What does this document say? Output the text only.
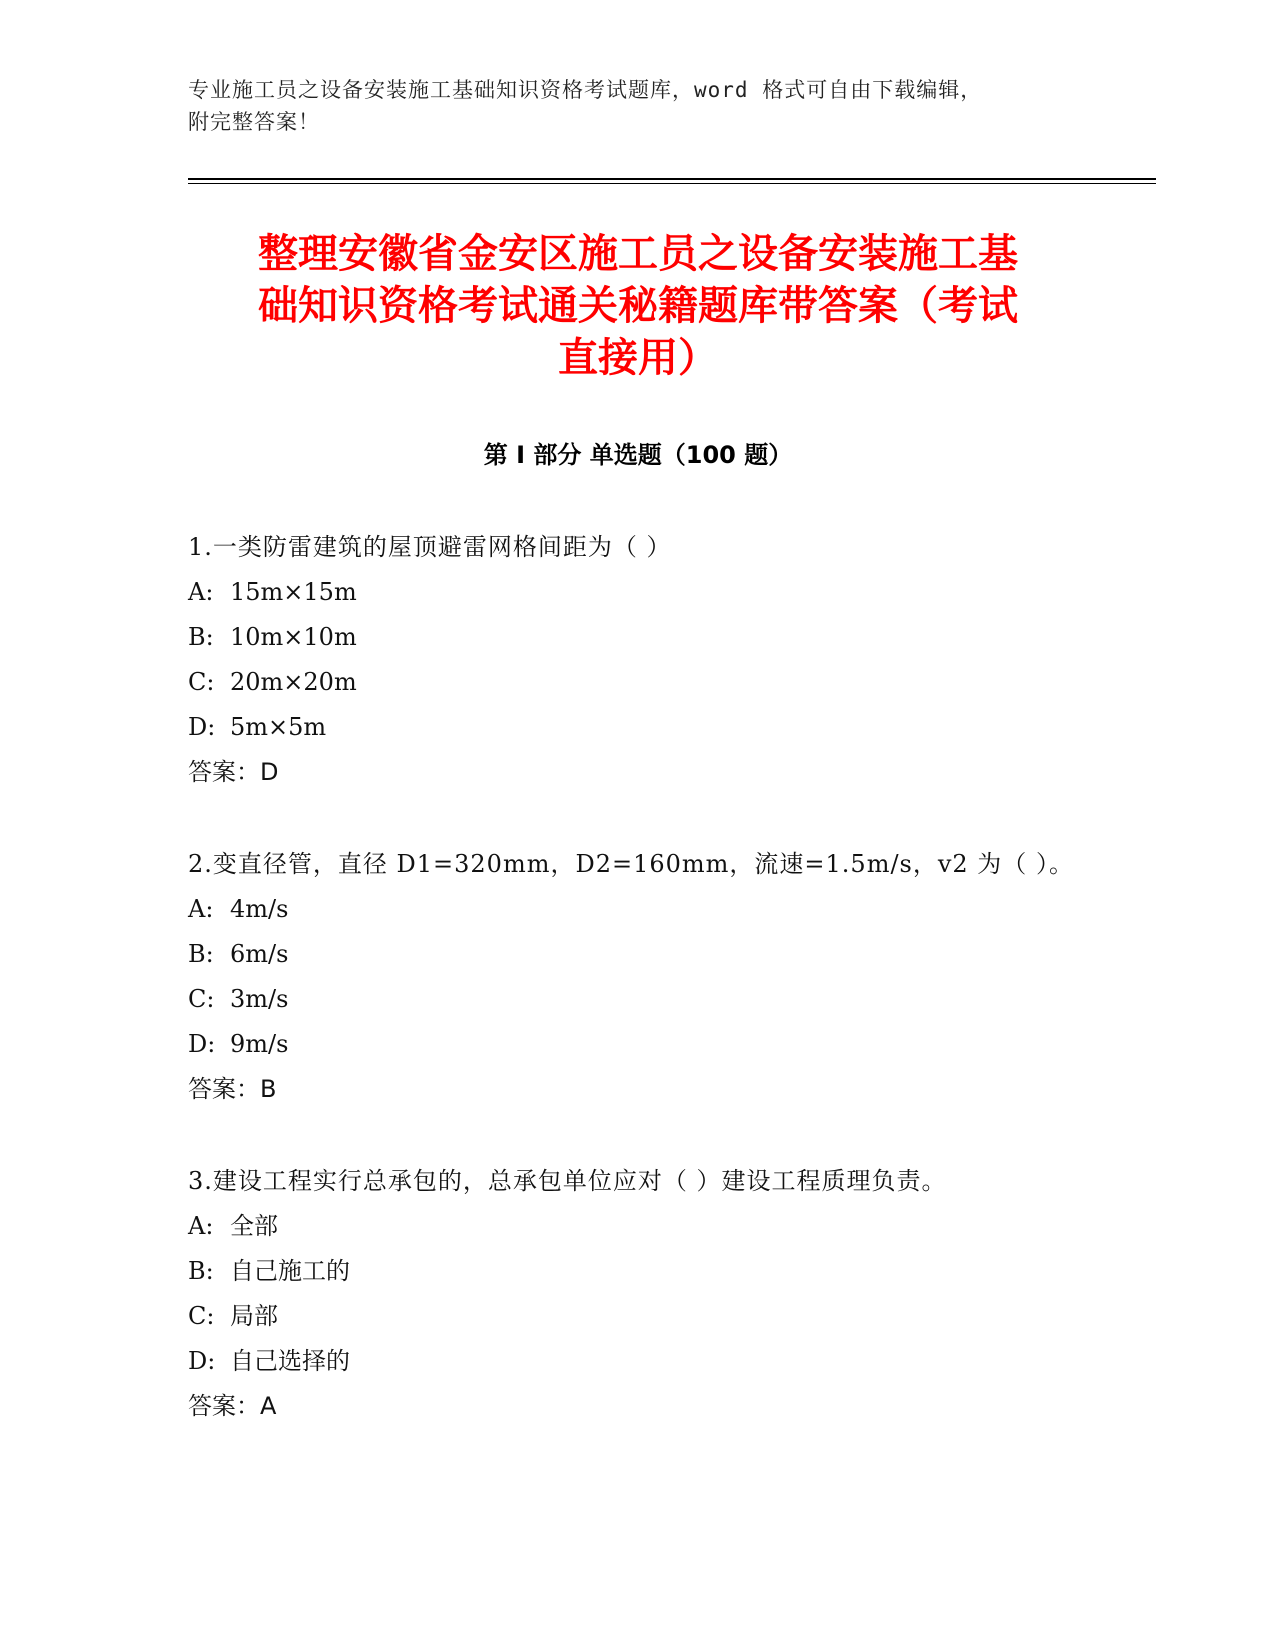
专业施工员之设备安装施工基础知识资格考试题库，word 格式可自由下载编辑，
附完整答案！
整理安徽省金安区施工员之设备安装施工基
础知识资格考试通关秘籍题库带答案（考试
直接用）
第 I 部分 单选题（100 题）
1.一类防雷建筑的屋顶避雷网格间距为（ ）
A: 15m×15m
B: 10m×10m
C: 20m×20m
D: 5m×5m
答案：D
2.变直径管，直径 D1=320mm，D2=160mm，流速=1.5m/s，v2 为（ ）。
A: 4m/s
B: 6m/s
C: 3m/s
D: 9m/s
答案：B
3.建设工程实行总承包的，总承包单位应对（ ）建设工程质理负责。
A: 全部
B: 自己施工的
C: 局部
D: 自己选择的
答案：A
